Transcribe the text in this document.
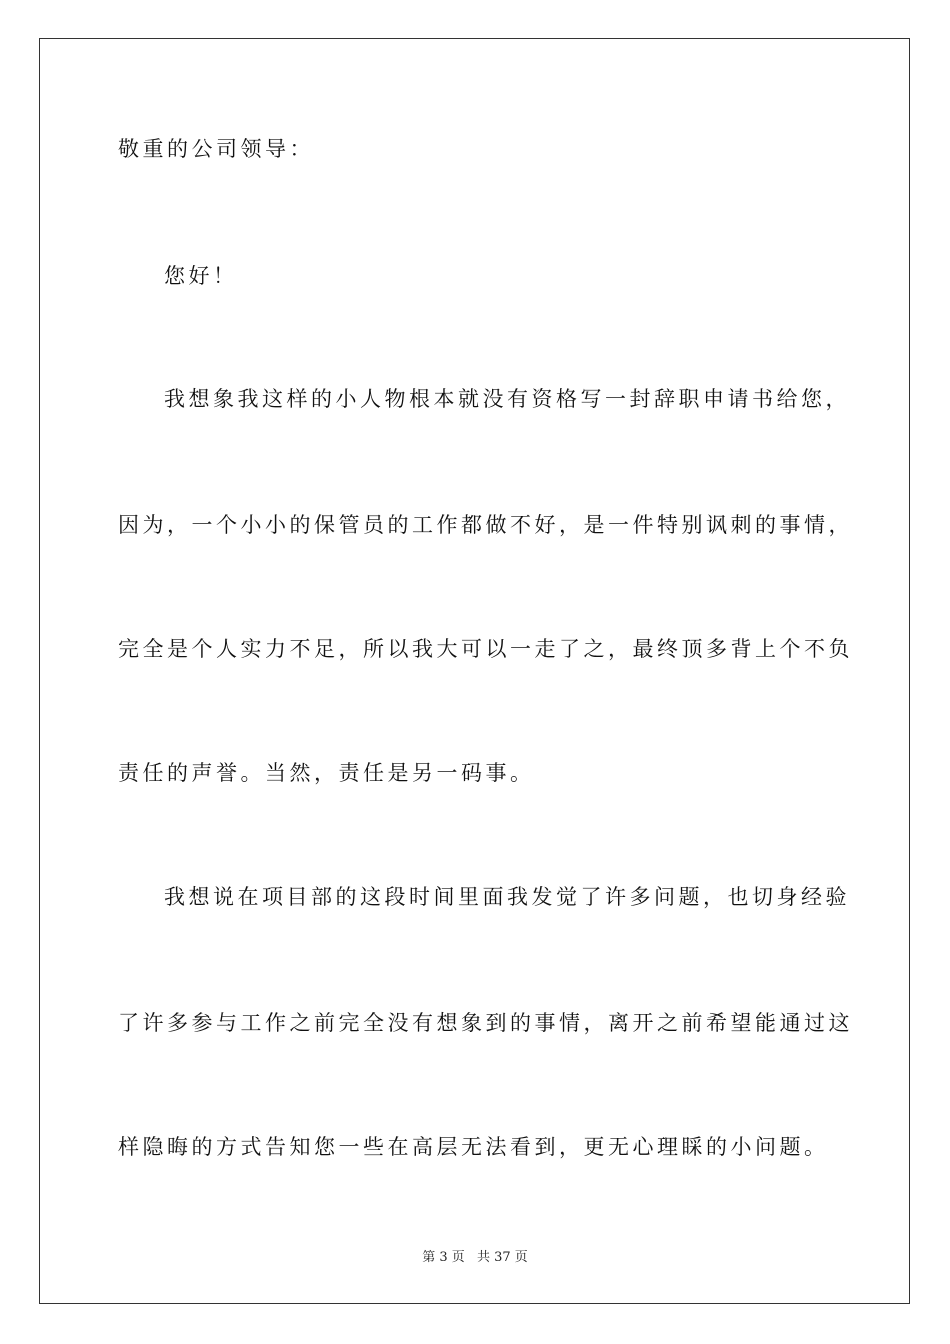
敬重的公司领导：
您好！
我想象我这样的小人物根本就没有资格写一封辞职申请书给您，
因为，一个小小的保管员的工作都做不好，是一件特别讽刺的事情，
完全是个人实力不足，所以我大可以一走了之，最终顶多背上个不负
责任的声誉。当然，责任是另一码事。
我想说在项目部的这段时间里面我发觉了许多问题，也切身经验
了许多参与工作之前完全没有想象到的事情，离开之前希望能通过这
样隐晦的方式告知您一些在高层无法看到，更无心理睬的小问题。
第 3 页 共 37 页
